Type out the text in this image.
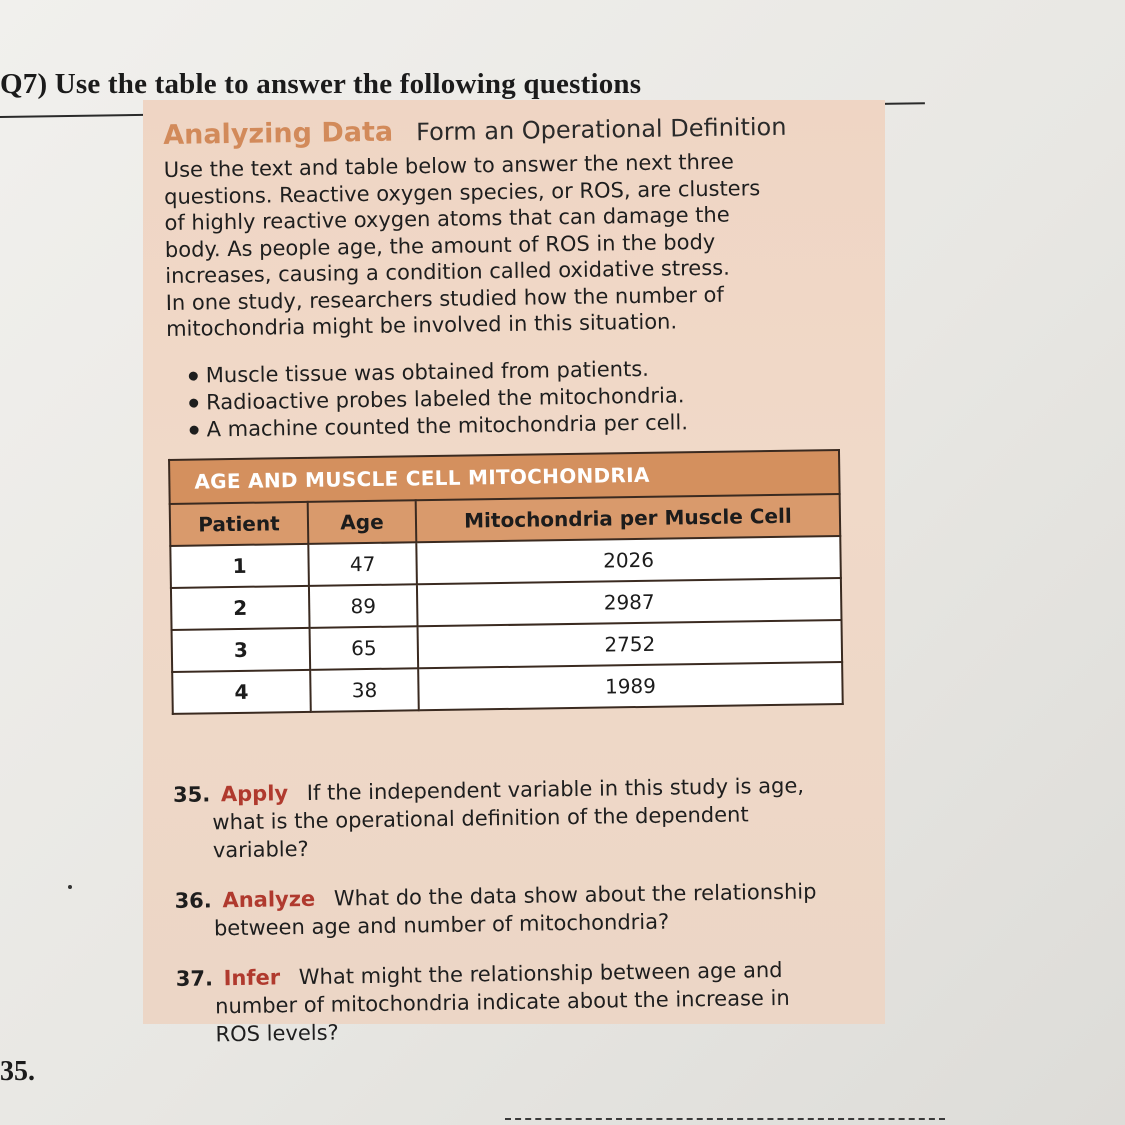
Q7) Use the table to answer the following questions
Analyzing Data Form an Operational Definition
Use the text and table below to answer the next three
questions. Reactive oxygen species, or ROS, are clusters
of highly reactive oxygen atoms that can damage the
body. As people age, the amount of ROS in the body
increases, causing a condition called oxidative stress.
In one study, researchers studied how the number of
mitochondria might be involved in this situation.
Muscle tissue was obtained from patients.
Radioactive probes labeled the mitochondria.
A machine counted the mitochondria per cell.
AGE AND MUSCLE CELL MITOCHONDRIA		
Patient	Age	Mitochondria per Muscle Cell
1	47	2026
2	89	2987
3	65	2752
4	38	1989
35. Apply If the independent variable in this study is age,
what is the operational definition of the dependent
variable?
36. Analyze What do the data show about the relationship
between age and number of mitochondria?
37. Infer What might the relationship between age and
number of mitochondria indicate about the increase in
ROS levels?
35.
